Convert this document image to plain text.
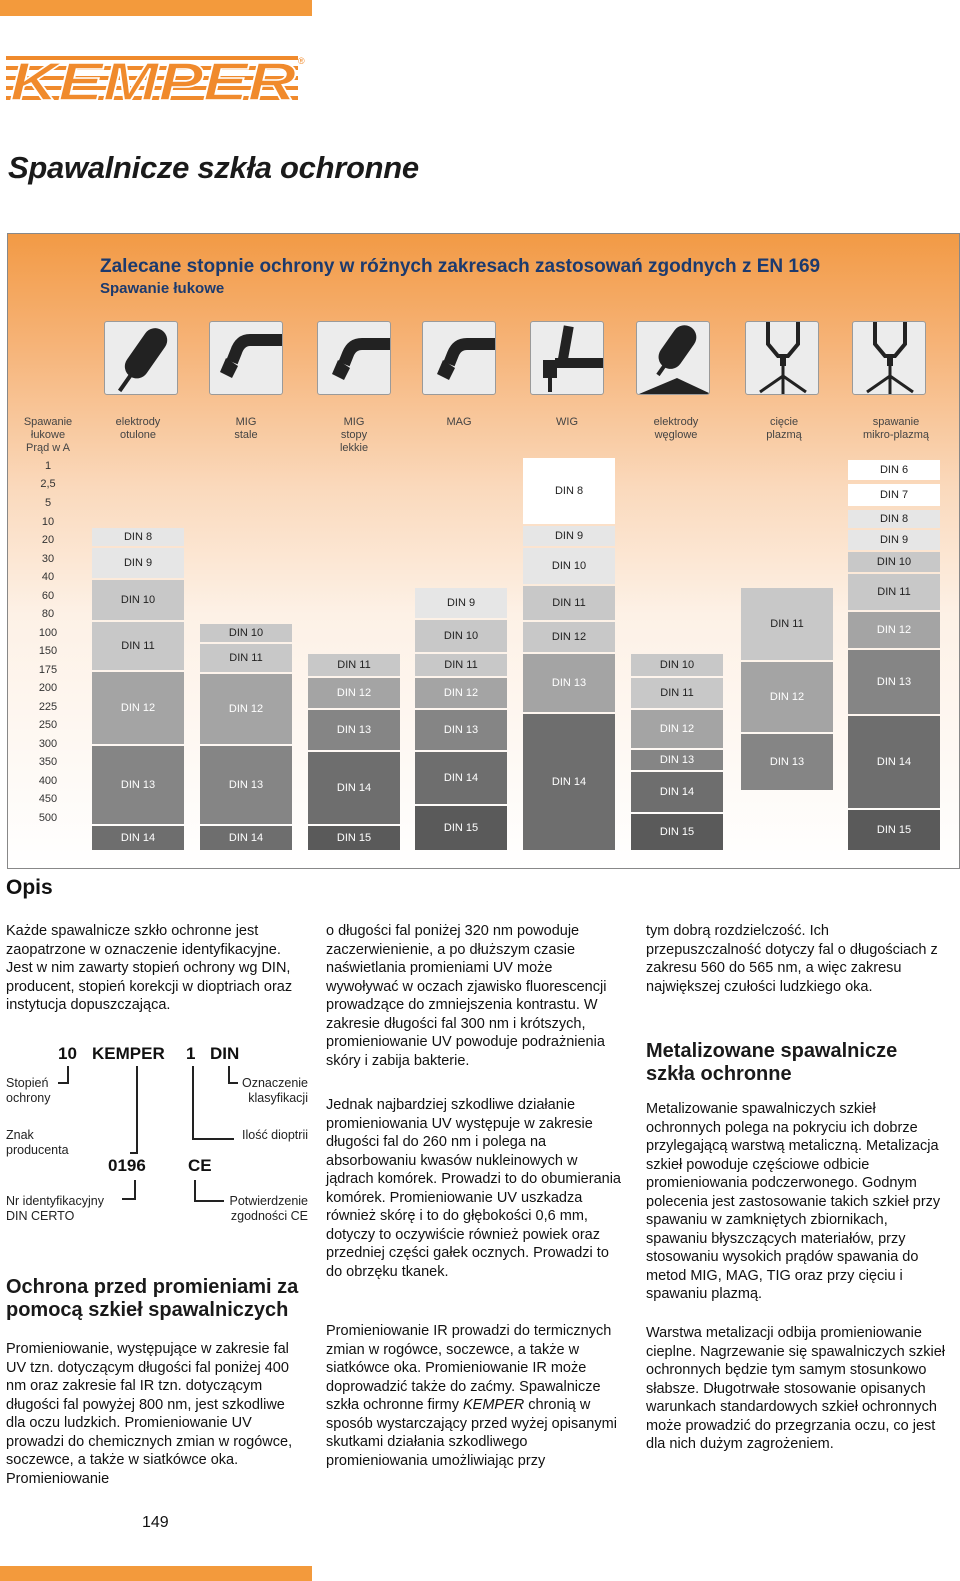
KEMPER ®
Spawalnicze szkła ochronne
Zalecane stopnie ochrony w różnych zakresach zastosowań zgodnych z EN 169
Spawanie łukowe
Spawanie
łukowe
Prąd w A
elektrody
otulone
MIG
stale
MIG
stopy
lekkie
MAG	WIG	elektrody
węglowe
cięcie
plazmą
spawanie
mikro-plazmą
1
2,5
5
10
20
30
40
60
80
100
150
175
200
225
250
300
350
400
450
500
DIN 8
DIN 9
DIN 10
DIN 11
DIN 12
DIN 13
DIN 14
DIN 10
DIN 11
DIN 12
DIN 13
DIN 14
DIN 11
DIN 12
DIN 13
DIN 14
DIN 15
DIN 9
DIN 10
DIN 11
DIN 12
DIN 13
DIN 14
DIN 15
DIN 8
DIN 9
DIN 10
DIN 11
DIN 12
DIN 13
DIN 14
DIN 10
DIN 11
DIN 12
DIN 13
DIN 14
DIN 15
DIN 11
DIN 12
DIN 13
DIN 6
DIN 7
DIN 8
DIN 9
DIN 10
DIN 11
DIN 12
DIN 13
DIN 14
DIN 15
Opis
Każde spawalnicze szkło ochronne jest zaopatrzone w oznaczenie identyfikacyjne. Jest w nim zawarty stopień ochrony wg DIN, producent, stopień korekcji w dioptriach oraz instytucja dopuszczająca.
10 KEMPER 1 DIN
0196 CE
Stopień
ochrony
Znak
producenta
Nr identyfikacyjny
DIN CERTO
Oznaczenie
klasyfikacji
Ilość dioptrii
Potwierdzenie
zgodności CE
Ochrona przed promieniami za
pomocą szkieł spawalniczych
Promieniowanie, występujące w zakresie fal UV tzn. dotyczącym długości fal poniżej 400 nm oraz zakresie fal IR tzn. dotyczącym długości fal powyżej 800 nm, jest szkodliwe dla oczu ludzkich. Promieniowanie UV prowadzi do chemicznych zmian w rogówce, soczewce, a także w siatkówce oka. Promieniowanie
o długości fal poniżej 320 nm powoduje zaczerwienienie, a po dłuższym czasie naświetlania promieniami UV może wywoływać w oczach zjawisko fluorescencji prowadzące do zmniejszenia kontrastu. W zakresie długości fal 300 nm i krótszych, promieniowanie UV powoduje podrażnienia skóry i zabija bakterie.
Jednak najbardziej szkodliwe działanie promieniowania UV występuje w zakresie długości fal do 260 nm i polega na absorbowaniu kwasów nukleinowych w jądrach komórek. Prowadzi to do obumierania komórek. Promieniowanie UV uszkadza również skórę i to do głębokości 0,6 mm, dotyczy to oczywiście również powiek oraz przedniej części gałek ocznych. Prowadzi to do obrzęku tkanek.
Promieniowanie IR prowadzi do termicznych zmian w rogówce, soczewce, a także w siatkówce oka. Promieniowanie IR może doprowadzić także do zaćmy. Spawalnicze szkła ochronne firmy KEMPER chronią w sposób wystarczający przed wyżej opisanymi skutkami działania szkodliwego promieniowania umożliwiając przy
tym dobrą rozdzielczość. Ich przepuszczalność dotyczy fal o długościach z zakresu 560 do 565 nm, a więc zakresu największej czułości ludzkiego oka.
Metalizowane spawalnicze
szkła ochronne
Metalizowanie spawalniczych szkieł ochronnych polega na pokryciu ich dobrze przylegającą warstwą metaliczną. Metalizacja szkieł powoduje częściowe odbicie promieniowania podczerwonego. Godnym polecenia jest zastosowanie takich szkieł przy spawaniu w zamkniętych zbiornikach, spawaniu błyszczących materiałów, przy stosowaniu wysokich prądów spawania do metod MIG, MAG, TIG oraz przy cięciu i spawaniu plazmą.
Warstwa metalizacji odbija promieniowanie cieplne. Nagrzewanie się spawalniczych szkieł ochronnych będzie tym samym stosunkowo słabsze. Długotrwałe stosowanie opisanych warunkach standardowych szkieł ochronnych może prowadzić do przegrzania oczu, co jest dla nich dużym zagrożeniem.
149
